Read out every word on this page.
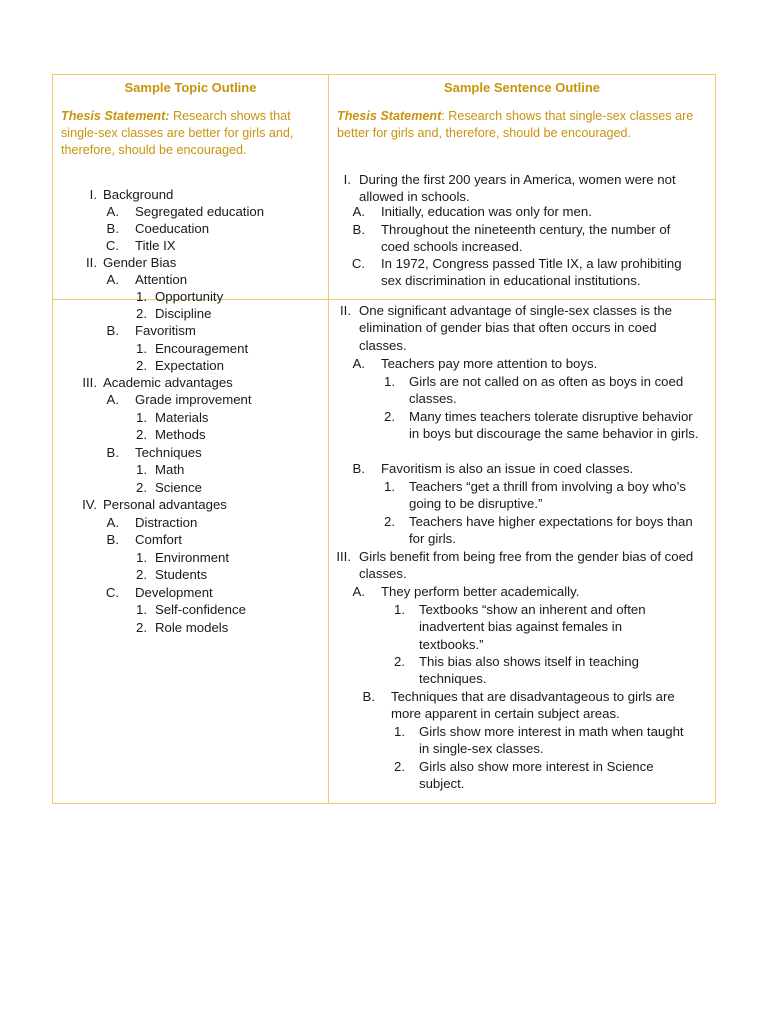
Sample Topic Outline
Thesis Statement: Research shows that single-sex classes are better for girls and, therefore, should be encouraged.
I. Background
A. Segregated education
B. Coeducation
C. Title IX
II. Gender Bias
A. Attention
1. Opportunity
2. Discipline
B. Favoritism
1. Encouragement
2. Expectation
III. Academic advantages
A. Grade improvement
1. Materials
2. Methods
B. Techniques
1. Math
2. Science
IV. Personal advantages
A. Distraction
B. Comfort
1. Environment
2. Students
C. Development
1. Self-confidence
2. Role models
Sample Sentence Outline
Thesis Statement: Research shows that single-sex classes are better for girls and, therefore, should be encouraged.
I. During the first 200 years in America, women were not allowed in schools.
A. Initially, education was only for men.
B. Throughout the nineteenth century, the number of coed schools increased.
C. In 1972, Congress passed Title IX, a law prohibiting sex discrimination in educational institutions.
II. One significant advantage of single-sex classes is the elimination of gender bias that often occurs in coed classes.
A. Teachers pay more attention to boys.
1. Girls are not called on as often as boys in coed classes.
2. Many times teachers tolerate disruptive behavior in boys but discourage the same behavior in girls.
B. Favoritism is also an issue in coed classes.
1. Teachers “get a thrill from involving a boy who’s going to be disruptive.”
2. Teachers have higher expectations for boys than for girls.
III. Girls benefit from being free from the gender bias of coed classes.
A. They perform better academically.
1. Textbooks “show an inherent and often inadvertent bias against females in textbooks.”
2. This bias also shows itself in teaching techniques.
B. Techniques that are disadvantageous to girls are more apparent in certain subject areas.
1. Girls show more interest in math when taught in single-sex classes.
2. Girls also show more interest in Science subject.
